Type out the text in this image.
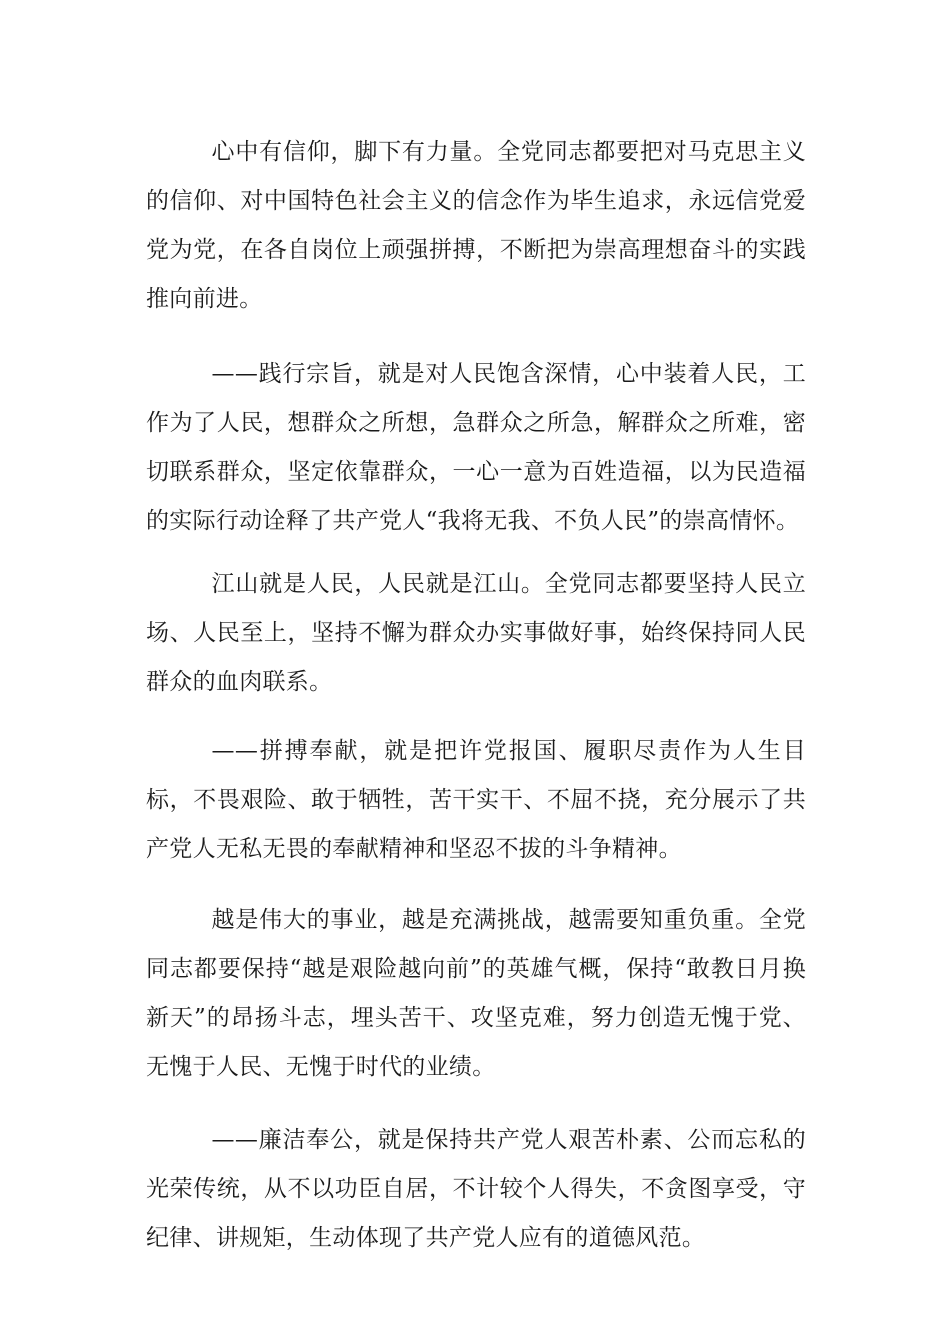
心中有信仰，脚下有力量。全党同志都要把对马克思主义的信仰、对中国特色社会主义的信念作为毕生追求，永远信党爱党为党，在各自岗位上顽强拼搏，不断把为崇高理想奋斗的实践推向前进。

——践行宗旨，就是对人民饱含深情，心中装着人民，工作为了人民，想群众之所想，急群众之所急，解群众之所难，密切联系群众，坚定依靠群众，一心一意为百姓造福，以为民造福的实际行动诠释了共产党人“我将无我、不负人民”的崇高情怀。

江山就是人民，人民就是江山。全党同志都要坚持人民立场、人民至上，坚持不懈为群众办实事做好事，始终保持同人民群众的血肉联系。

——拼搏奉献，就是把许党报国、履职尽责作为人生目标，不畏艰险、敢于牺牲，苦干实干、不屈不挠，充分展示了共产党人无私无畏的奉献精神和坚忍不拔的斗争精神。

越是伟大的事业，越是充满挑战，越需要知重负重。全党同志都要保持“越是艰险越向前”的英雄气概，保持“敢教日月换新天”的昂扬斗志，埋头苦干、攻坚克难，努力创造无愧于党、无愧于人民、无愧于时代的业绩。

——廉洁奉公，就是保持共产党人艰苦朴素、公而忘私的光荣传统，从不以功臣自居，不计较个人得失，不贪图享受，守纪律、讲规矩，生动体现了共产党人应有的道德风范。
